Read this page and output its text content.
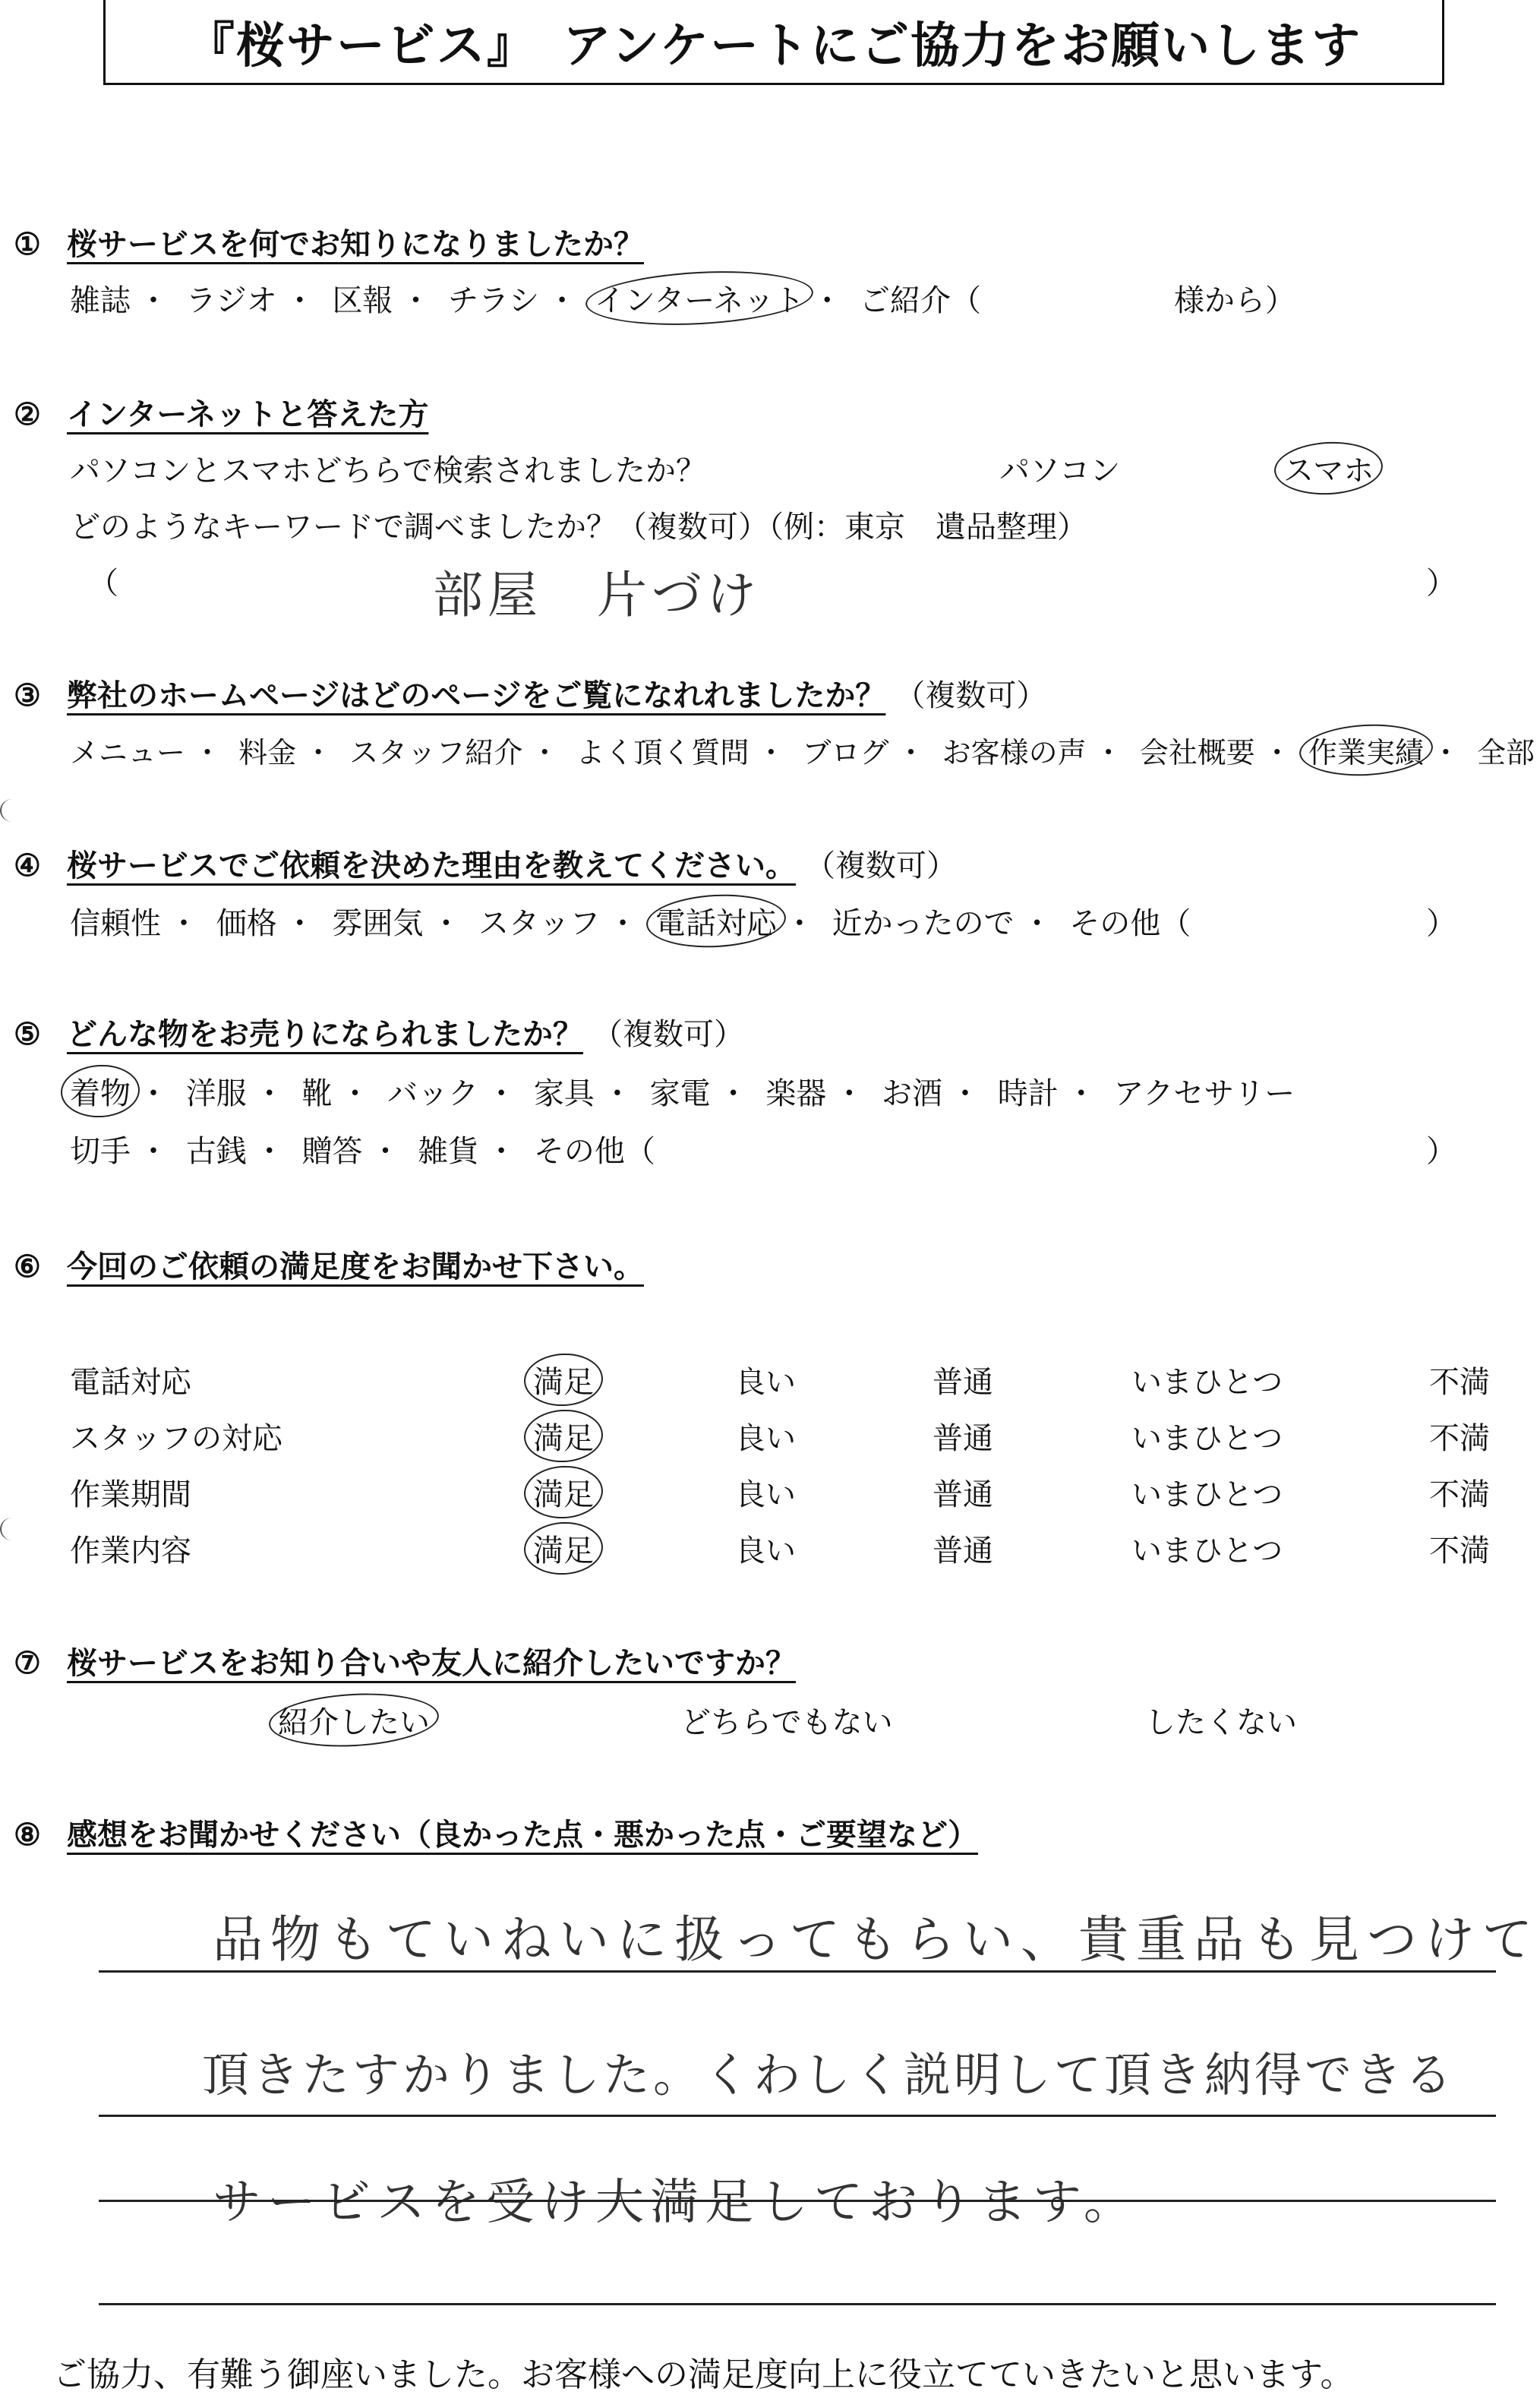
『桜サービス』　アンケートにご協力をお願いします
① 桜サービスを何でお知りになりましたか？
雑誌 ・ ラジオ ・ 区報 ・ チラシ ・ インターネット ・ ご紹介（	様から）
② インターネットと答えた方
パソコンとスマホどちらで検索されましたか？	パソコン	スマホ
どのようなキーワードで調べましたか？（複数可）（例：東京　遺品整理）
（	部屋　片づけ	）
③ 弊社のホームページはどのページをご覧になれれましたか？ （複数可）
メニュー ・ 料金 ・ スタッフ紹介 ・ よく頂く質問 ・ ブログ ・ お客様の声 ・ 会社概要 ・ 作業実績 ・ 全部
④ 桜サービスでご依頼を決めた理由を教えてください。 （複数可）
信頼性 ・ 価格 ・ 雰囲気 ・ スタッフ ・ 電話対応 ・ 近かったので ・ その他（	）
⑤ どんな物をお売りになられましたか？ （複数可）
着物 ・ 洋服 ・ 靴 ・ バック ・ 家具 ・ 家電 ・ 楽器 ・ お酒 ・ 時計 ・ アクセサリー
切手 ・ 古銭 ・ 贈答 ・ 雑貨 ・ その他（	）
⑥ 今回のご依頼の満足度をお聞かせ下さい。
電話対応	満足	良い	普通	いまひとつ	不満
スタッフの対応	満足	良い	普通	いまひとつ	不満
作業期間	満足	良い	普通	いまひとつ	不満
作業内容	満足	良い	普通	いまひとつ	不満
⑦ 桜サービスをお知り合いや友人に紹介したいですか？
紹介したい	どちらでもない	したくない
⑧ 感想をお聞かせください（良かった点・悪かった点・ご要望など）
品物もていねいに扱ってもらい、貴重品も見つけて
頂きたすかりました。くわしく説明して頂き納得できる
サービスを受け大満足しております。
ご協力、有難う御座いました。お客様への満足度向上に役立てていきたいと思います。
